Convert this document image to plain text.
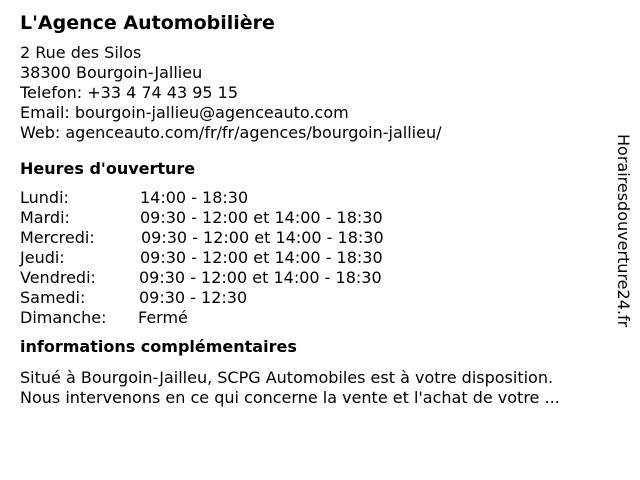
L'Agence Automobilière
2 Rue des Silos
38300 Bourgoin-Jallieu
Telefon: +33 4 74 43 95 15
Email: bourgoin-jallieu@agenceauto.com
Web: agenceauto.com/fr/fr/agences/bourgoin-jallieu/
Heures d'ouverture
Lundi:	14:00 - 18:30
Mardi:	09:30 - 12:00 et 14:00 - 18:30
Mercredi:	09:30 - 12:00 et 14:00 - 18:30
Jeudi:	09:30 - 12:00 et 14:00 - 18:30
Vendredi:	09:30 - 12:00 et 14:00 - 18:30
Samedi:	09:30 - 12:30
Dimanche:	Fermé
informations complémentaires
Situé à Bourgoin-Jailleu, SCPG Automobiles est à votre disposition.
Nous intervenons en ce qui concerne la vente et l'achat de votre ...
Horairesdouverture24.fr
